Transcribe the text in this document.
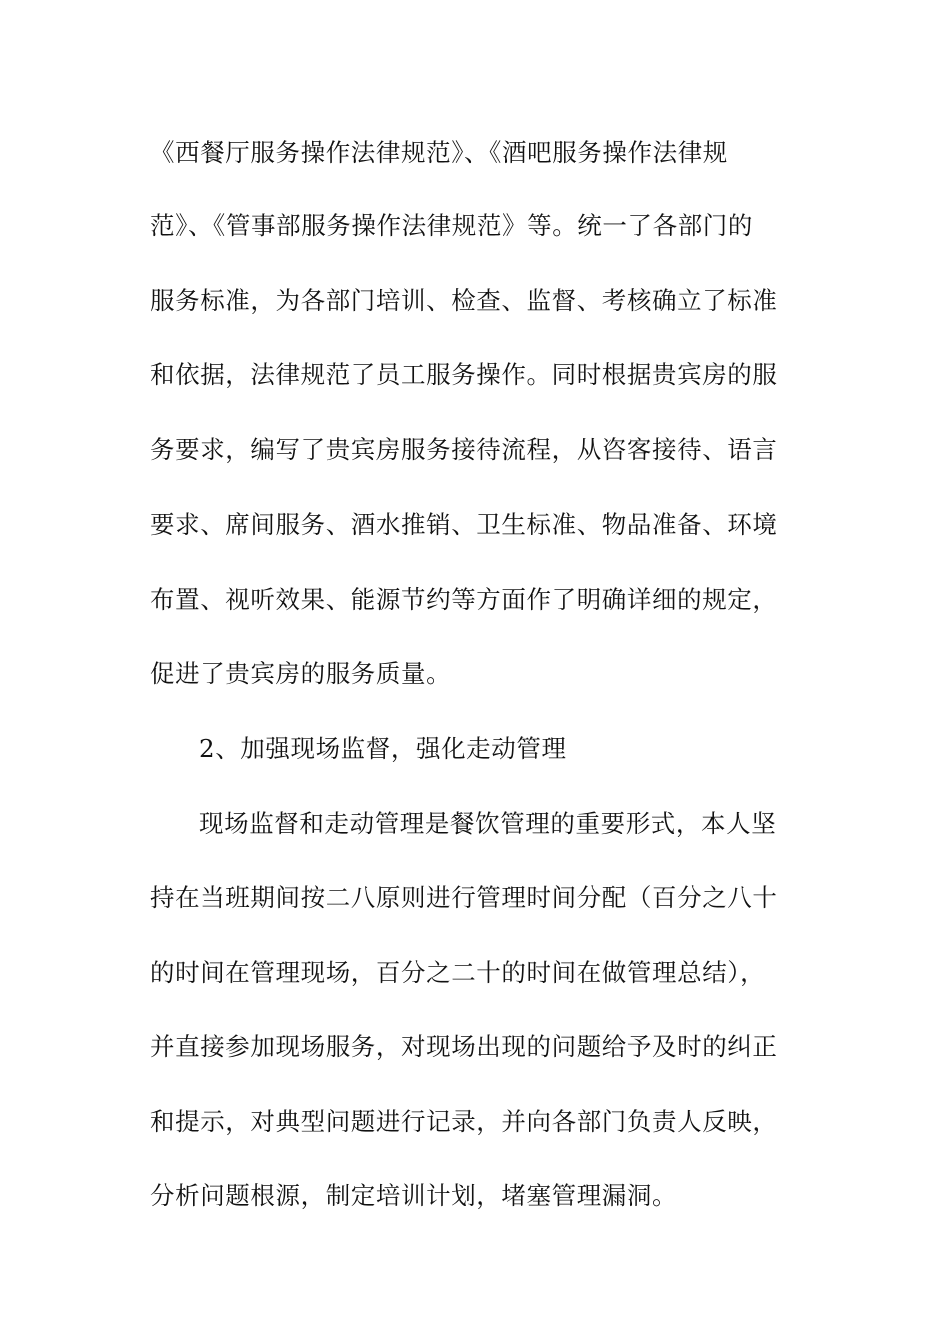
《西餐厅服务操作法律规范》、《酒吧服务操作法律规
范》、《管事部服务操作法律规范》等。统一了各部门的
服务标准，为各部门培训、检查、监督、考核确立了标准
和依据，法律规范了员工服务操作。同时根据贵宾房的服
务要求，编写了贵宾房服务接待流程，从咨客接待、语言
要求、席间服务、酒水推销、卫生标准、物品准备、环境
布置、视听效果、能源节约等方面作了明确详细的规定，
促进了贵宾房的服务质量。
2、加强现场监督，强化走动管理
现场监督和走动管理是餐饮管理的重要形式，本人坚
持在当班期间按二八原则进行管理时间分配（百分之八十
的时间在管理现场，百分之二十的时间在做管理总结），
并直接参加现场服务，对现场出现的问题给予及时的纠正
和提示，对典型问题进行记录，并向各部门负责人反映，
分析问题根源，制定培训计划，堵塞管理漏洞。
